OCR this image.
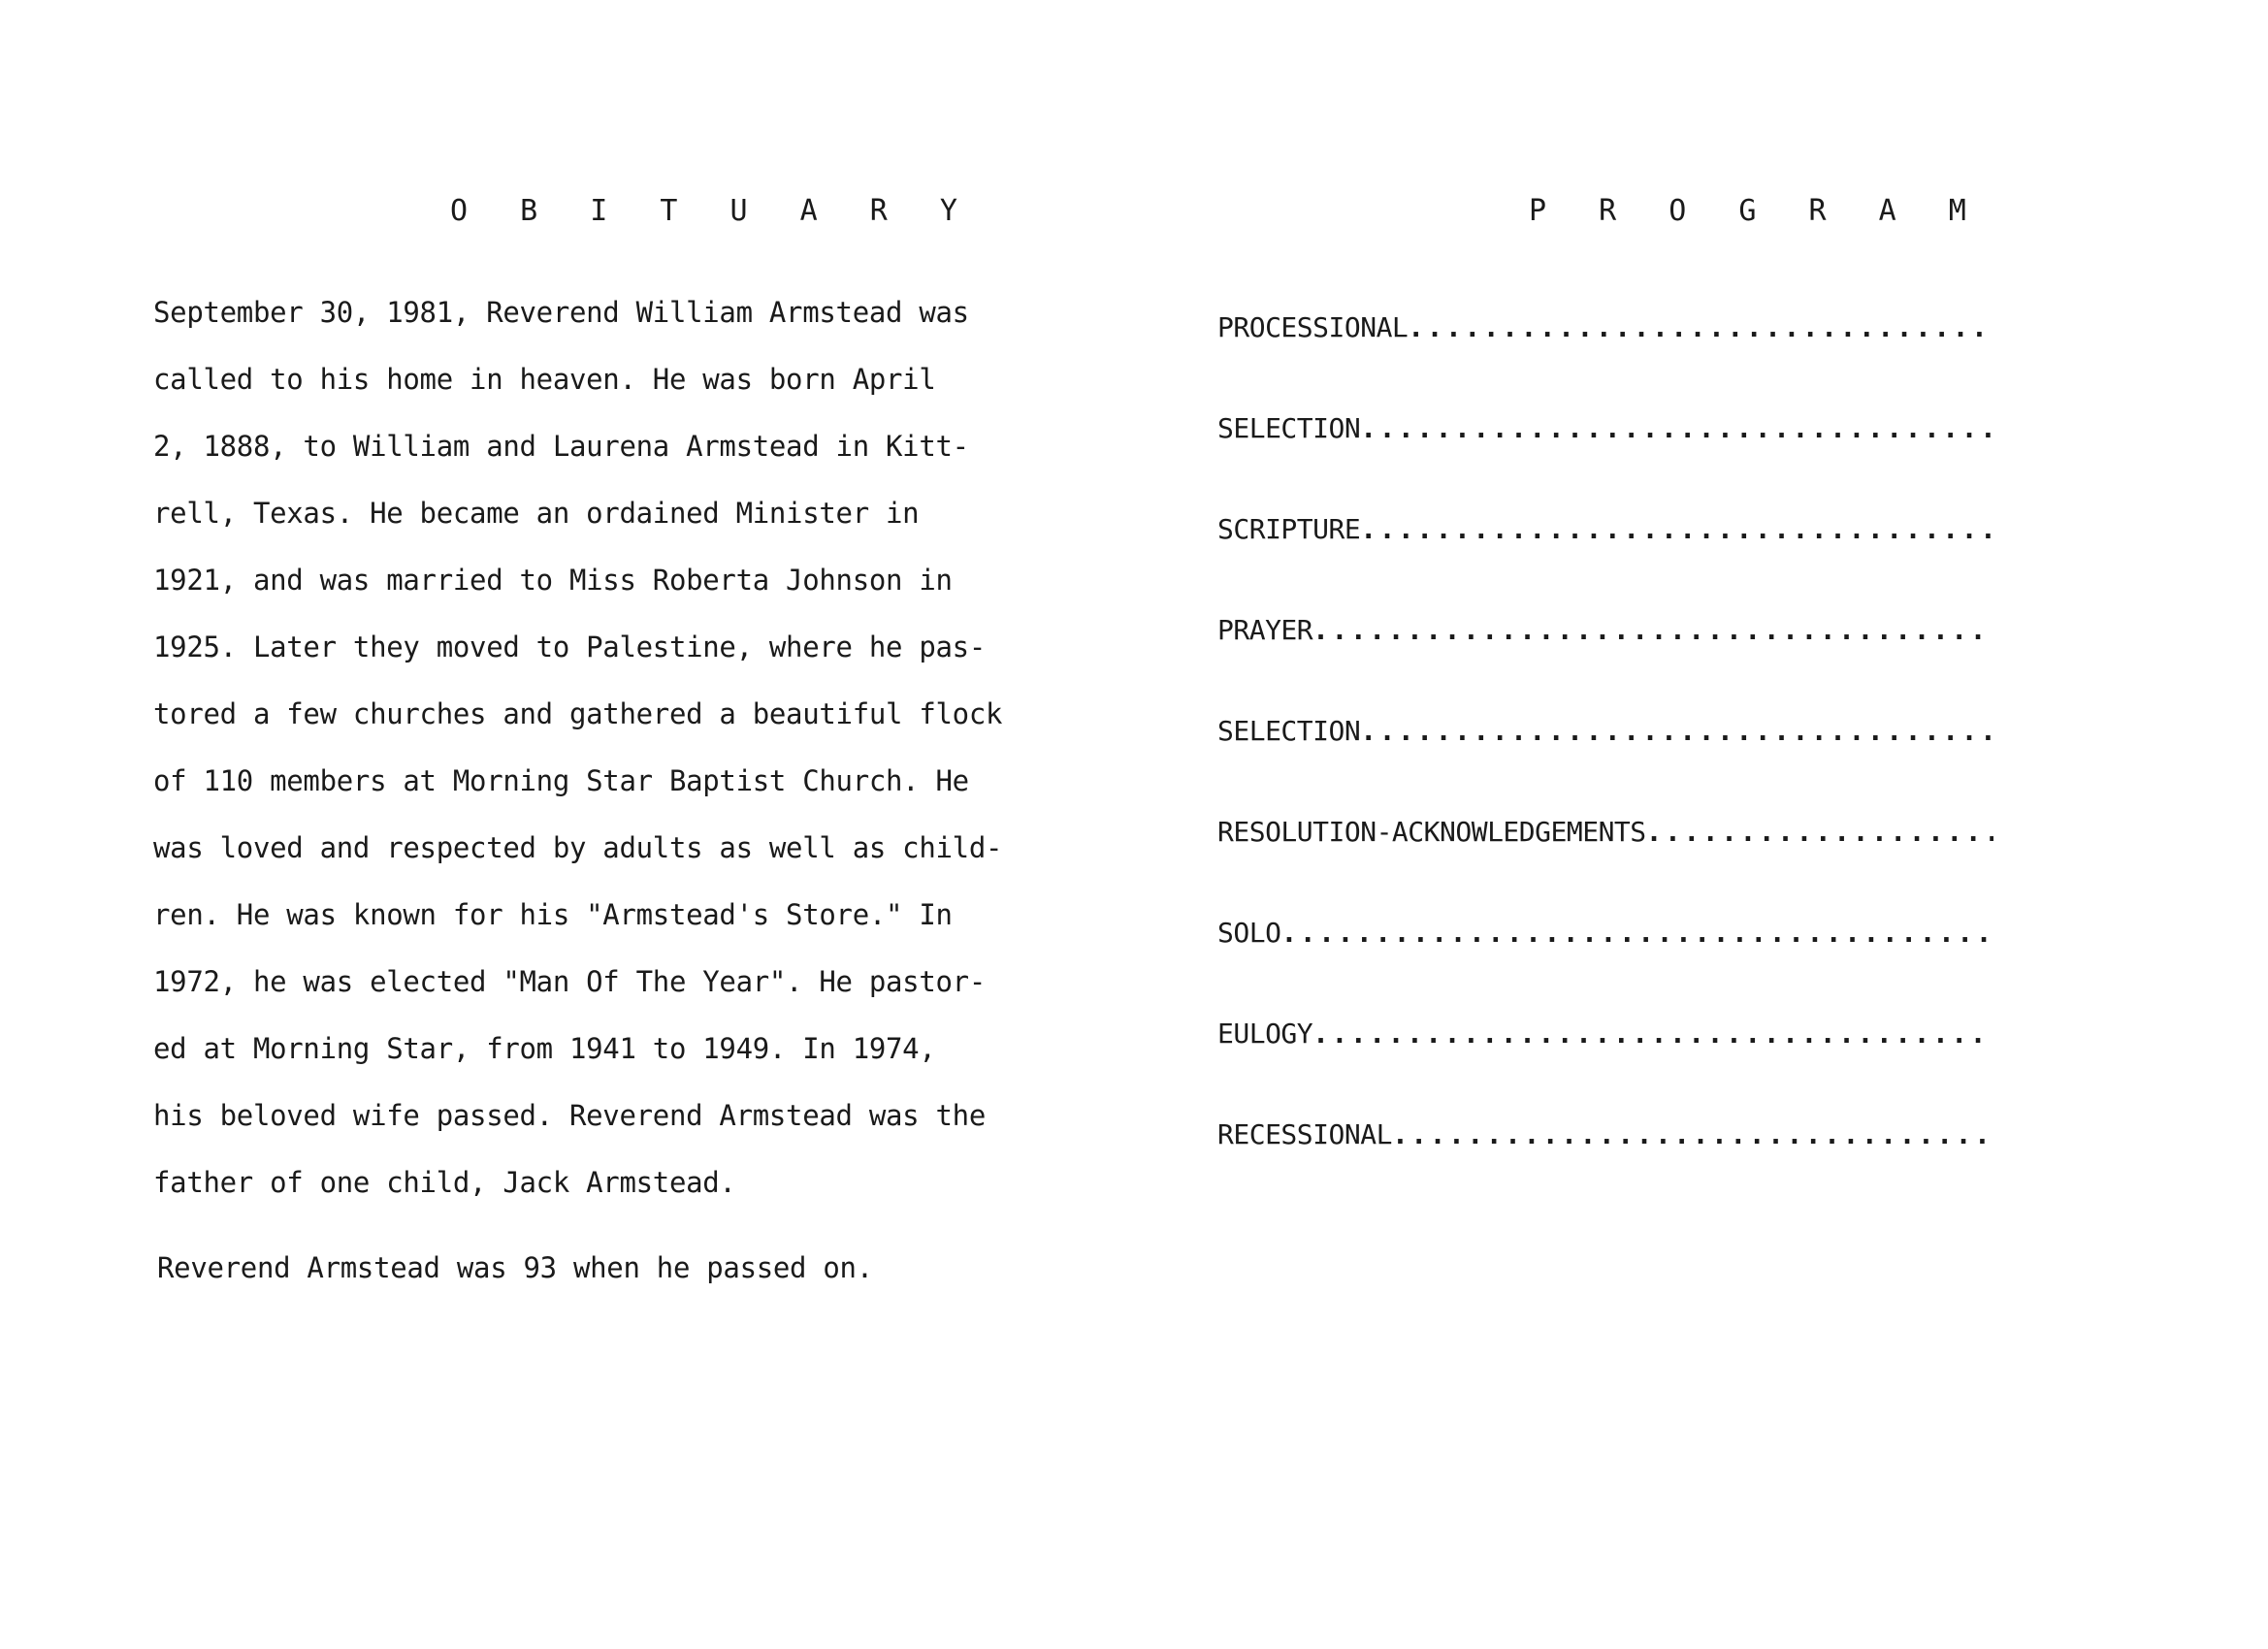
O B I T U A R Y
September 30, 1981, Reverend William Armstead was
called to his home in heaven. He was born April
2, 1888, to William and Laurena Armstead in Kitt-
rell, Texas. He became an ordained Minister in
1921, and was married to Miss Roberta Johnson in
1925. Later they moved to Palestine, where he pas-
tored a few churches and gathered a beautiful flock
of 110 members at Morning Star Baptist Church. He
was loved and respected by adults as well as child-
ren. He was known for his "Armstead's Store." In
1972, he was elected "Man Of The Year". He pastor-
ed at Morning Star, from 1941 to 1949. In 1974,
his beloved wife passed. Reverend Armstead was the
father of one child, Jack Armstead.

Reverend Armstead was 93 when he passed on.

P R O G R A M
PROCESSIONAL
.....
SELECTION
.....
SCRIPTURE
.....
PRAYER
.....
SELECTION
.....
RESOLUTION-ACKNOWLEDGEMENTS
.....
SOLO
.....
EULOGY
.....
RECESSIONAL
.....
